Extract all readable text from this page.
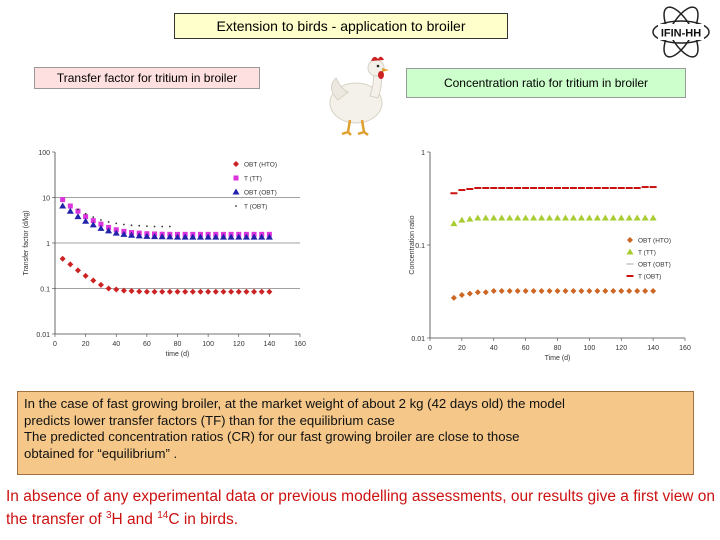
Extension to birds - application to broiler	IFIN-HH
Transfer factor for tritium in broiler	Concentration ratio for tritium in broiler
0.01
0.1
1
10
100
0	20	40	60	80	100	120	140	160
time (d)
Transfer factor (d/kg)
OBT (HTO)
T (TT)
OBT (OBT)
T (OBT)
0.01
0.1
1
0	20	40	60	80	100	120	140	160
Time (d)
Concentration ratio	OBT (HTO)
T (TT)
OBT (OBT)
T (OBT)

In the case of fast growing broiler, at the market weight of about 2 kg (42 days old) the model

predicts lower transfer factors (TF) than for the equilibrium case

The predicted concentration ratios (CR) for our fast growing broiler are close to those

obtained for “equilibrium” .

In absence of any experimental data or previous modelling assessments, our results give a first view on the transfer of $^3$H and $^{14}$C in birds.
